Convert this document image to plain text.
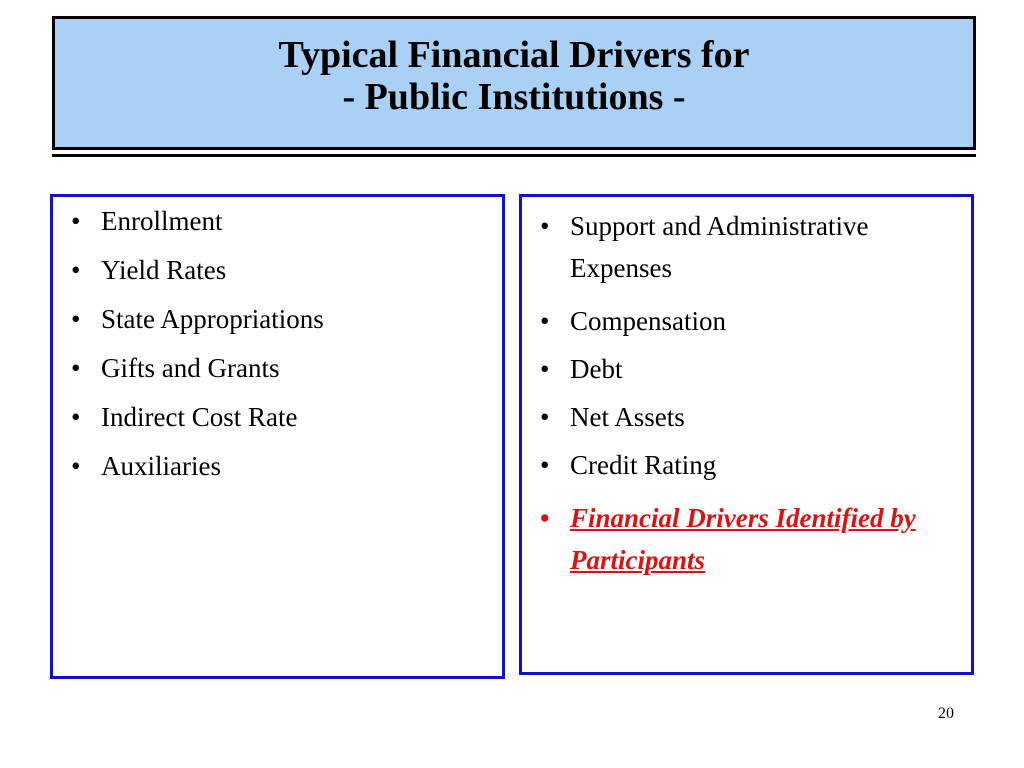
Typical Financial Drivers for
- Public Institutions -
• Enrollment
• Yield Rates
• State Appropriations
• Gifts and Grants
• Indirect Cost Rate
• Auxiliaries
• Support and Administrative Expenses
• Compensation
• Debt
• Net Assets
• Credit Rating
• Financial Drivers Identified by Participants
20
